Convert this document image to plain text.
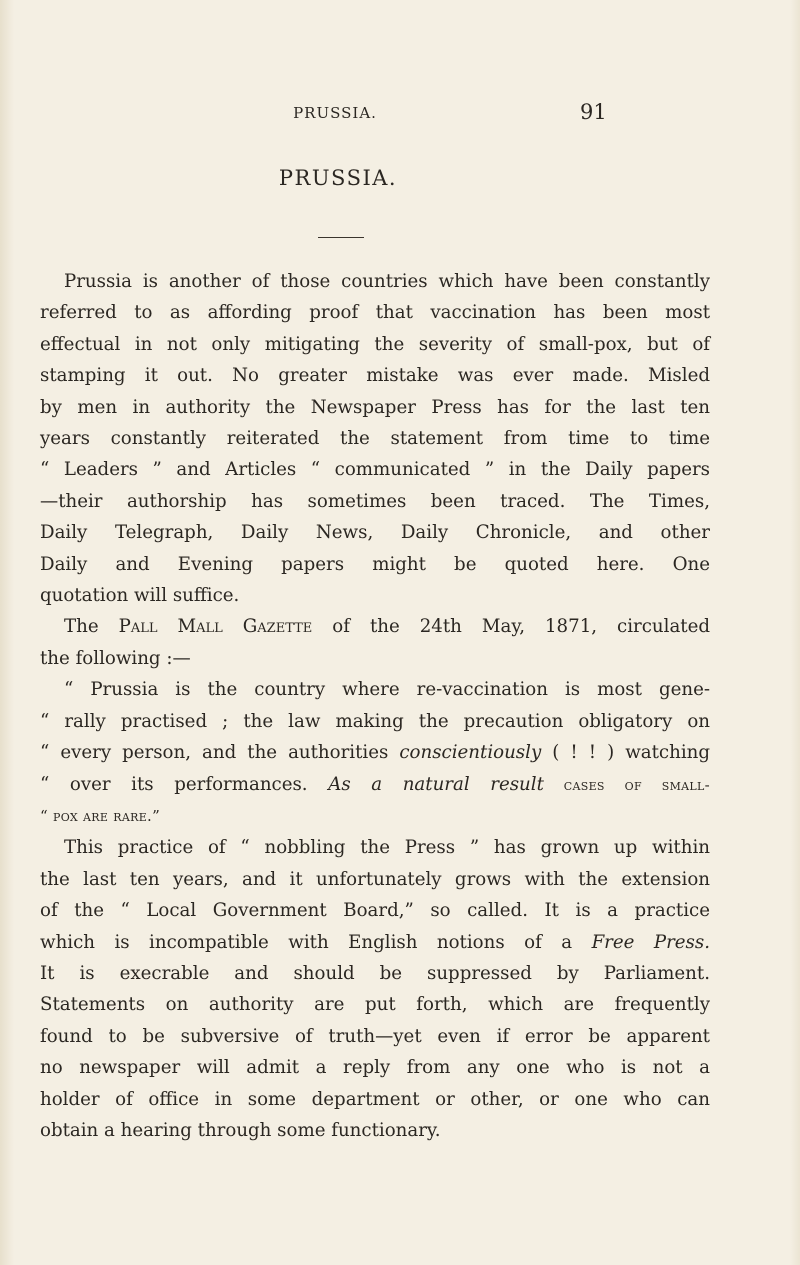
PRUSSIA.	91
PRUSSIA.
Prussia is another of those countries which have been constantly
referred to as affording proof that vaccination has been most
effectual in not only mitigating the severity of small-pox, but of
stamping it out. No greater mistake was ever made. Misled
by men in authority the Newspaper Press has for the last ten
years constantly reiterated the statement from time to time
“ Leaders ” and Articles “ communicated ” in the Daily papers
—their authorship has sometimes been traced. The Times,
Daily Telegraph, Daily News, Daily Chronicle, and other
Daily and Evening papers might be quoted here. One
quotation will suffice.
The Pall Mall Gazette of the 24th May, 1871, circulated
the following :—
“ Prussia is the country where re-vaccination is most gene-
“ rally practised ; the law making the precaution obligatory on
“ every person, and the authorities conscientiously ( ! ! ) watching
“ over its performances. As a natural result cases of small-
“ pox are rare.”
This practice of “ nobbling the Press ” has grown up within
the last ten years, and it unfortunately grows with the extension
of the “ Local Government Board,” so called. It is a practice
which is incompatible with English notions of a Free Press.
It is execrable and should be suppressed by Parliament.
Statements on authority are put forth, which are frequently
found to be subversive of truth—yet even if error be apparent
no newspaper will admit a reply from any one who is not a
holder of office in some department or other, or one who can
obtain a hearing through some functionary.
